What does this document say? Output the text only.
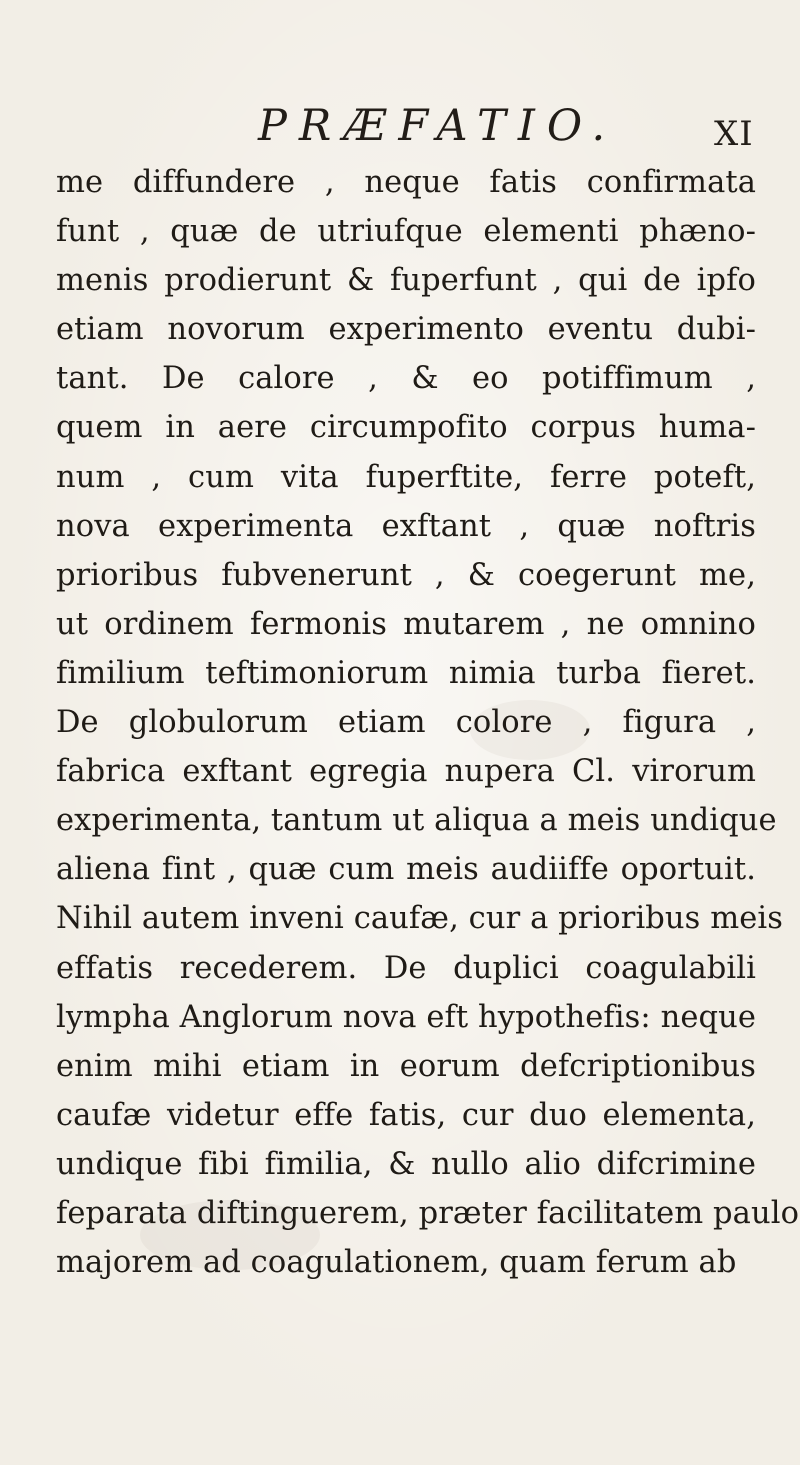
PRÆFATIO.	XI
me diffundere , neque fatis confirmata
funt , quæ de utriufque elementi phæno-
menis prodierunt & fuperfunt , qui de ipfo
etiam novorum experimento eventu dubi-
tant. De calore , & eo potiffimum ,
quem in aere circumpofito corpus huma-
num , cum vita fuperftite, ferre poteft,
nova experimenta exftant , quæ noftris
prioribus fubvenerunt , & coegerunt me,
ut ordinem fermonis mutarem , ne omnino
fimilium teftimoniorum nimia turba fieret.
De globulorum etiam colore , figura ,
fabrica exftant egregia nupera Cl. virorum
experimenta, tantum ut aliqua a meis undique
aliena fint , quæ cum meis audiiffe oportuit.
Nihil autem inveni caufæ, cur a prioribus meis
effatis recederem. De duplici coagulabili
lympha Anglorum nova eft hypothefis: neque
enim mihi etiam in eorum defcriptionibus
caufæ videtur effe fatis, cur duo elementa,
undique fibi fimilia, & nullo alio difcrimine
feparata diftinguerem, præter facilitatem paulo
majorem ad coagulationem, quam ferum ab
